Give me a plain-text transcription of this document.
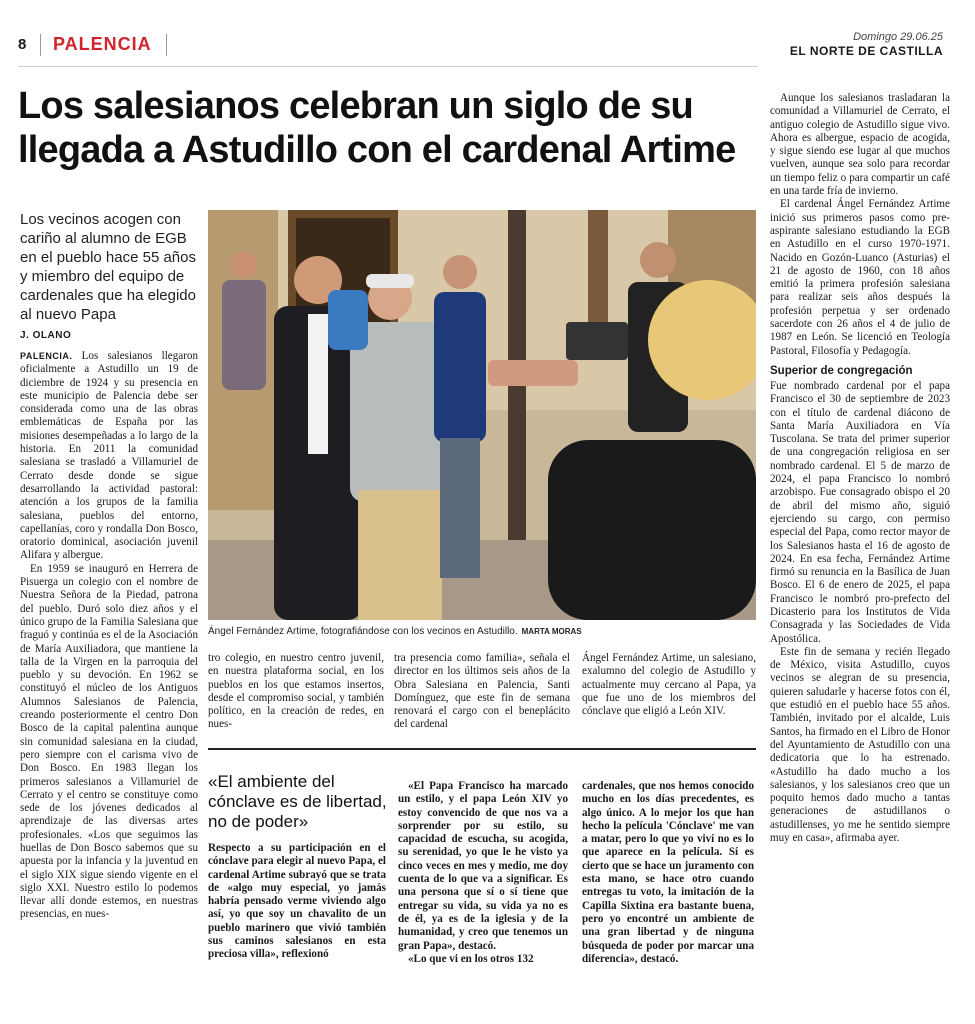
8 PALENCIA	Domingo 29.06.25
EL NORTE DE CASTILLA
Los salesianos celebran un siglo de su llegada a Astudillo con el cardenal Artime
Los vecinos acogen con cariño al alumno de EGB en el pueblo hace 55 años y miembro del equipo de cardenales que ha elegido al nuevo Papa
J. OLANO

PALENCIA. Los salesianos llegaron oficialmente a Astudillo un 19 de diciembre de 1924 y su presencia en este municipio de Palencia debe ser considerada como una de las obras emblemáticas de España por las misiones desempeñadas a lo largo de la historia. En 2011 la comunidad salesiana se trasladó a Villamuriel de Cerrato desde donde se sigue desarrollando la actividad pastoral: atención a los grupos de la familia salesiana, pueblos del entorno, capellanías, coro y rondalla Don Bosco, oratorio dominical, asociación juvenil Alifara y albergue.

En 1959 se inauguró en Herrera de Pisuerga un colegio con el nombre de Nuestra Señora de la Piedad, patrona del pueblo. Duró solo diez años y el único grupo de la Familia Salesiana que fraguó y continúa es el de la Asociación de María Auxiliadora, que mantiene la talla de la Virgen en la parroquia del pueblo y su devoción. En 1962 se constituyó el núcleo de los Antiguos Alumnos Salesianos de Palencia, creando posteriormente el centro Don Bosco de la capital palentina aunque sin comunidad salesiana en la ciudad, pero siempre con el carisma vivo de Don Bosco. En 1983 llegan los primeros salesianos a Villamuriel de Cerrato y el centro se constituye como sede de los jóvenes dedicados al aprendizaje de las diversas artes profesionales. «Los que seguimos las huellas de Don Bosco sabemos que su apuesta por la infancia y la juventud en el siglo XIX sigue siendo vigente en el siglo XXI. Nuestro estilo lo podemos llevar allí donde estemos, en nuestras presencias, en nues-

Ángel Fernández Artime, fotografiándose con los vecinos en Astudillo. MARTA MORAS

tro colegio, en nuestro centro juvenil, en nuestra plataforma social, en los pueblos en los que estamos insertos, desde el compromiso social, y también político, en la creación de redes, en nues-

tra presencia como familia», señala el director en los últimos seis años de la Obra Salesiana en Palencia, Santi Domínguez, que este fin de semana renovará el cargo con el beneplácito del cardenal

Ángel Fernández Artime, un salesiano, exalumno del colegio de Astudillo y actualmente muy cercano al Papa, ya que fue uno de los miembros del cónclave que eligió a León XIV.

Aunque los salesianos trasladaran la comunidad a Villamuriel de Cerrato, el antiguo colegio de Astudillo sigue vivo. Ahora es albergue, espacio de acogida, y sigue siendo ese lugar al que muchos vuelven, aunque sea solo para recordar un tiempo feliz o para compartir un café en una tarde fría de invierno.

El cardenal Ángel Fernández Artime inició sus primeros pasos como pre-aspirante salesiano estudiando la EGB en Astudillo en el curso 1970-1971. Nacido en Gozón-Luanco (Asturias) el 21 de agosto de 1960, con 18 años emitió la primera profesión salesiana para realizar seis años después la profesión perpetua y ser ordenado sacerdote con 26 años el 4 de julio de 1987 en León. Se licenció en Teología Pastoral, Filosofía y Pedagogía.

Superior de congregación

Fue nombrado cardenal por el papa Francisco el 30 de septiembre de 2023 con el título de cardenal diácono de Santa María Auxiliadora en Vía Tuscolana. Se trata del primer superior de una congregación religiosa en ser nombrado cardenal. El 5 de marzo de 2024, el papa Francisco lo nombró arzobispo. Fue consagrado obispo el 20 de abril del mismo año, siguió ejerciendo su cargo, con permiso especial del Papa, como rector mayor de los Salesianos hasta el 16 de agosto de 2024. En esa fecha, Fernández Artime firmó su renuncia en la Basílica de Juan Bosco. El 6 de enero de 2025, el papa Francisco le nombró pro-prefecto del Dicasterio para los Institutos de Vida Consagrada y las Sociedades de Vida Apostólica.

Este fin de semana y recién llegado de México, visita Astudillo, cuyos vecinos se alegran de su presencia, quieren saludarle y hacerse fotos con él, que estudió en el pueblo hace 55 años. También, invitado por el alcalde, Luis Santos, ha firmado en el Libro de Honor del Ayuntamiento de Astudillo con una dedicatoria que lo ha estrenado. «Astudillo ha dado mucho a los salesianos, y los salesianos creo que un poquito hemos dado mucho a tantas generaciones de astudillanos o astudillenses, yo me he sentido siempre muy en casa», afirmaba ayer.

«El ambiente del cónclave es de libertad, no de poder»

Respecto a su participación en el cónclave para elegir al nuevo Papa, el cardenal Artime subrayó que se trata de «algo muy especial, yo jamás habría pensado verme viviendo algo así, yo que soy un chavalito de un pueblo marinero que vivió también sus caminos salesianos en esta preciosa villa», reflexionó

«El Papa Francisco ha marcado un estilo, y el papa León XIV yo estoy convencido de que nos va a sorprender por su estilo, su capacidad de escucha, su acogida, su serenidad, yo que le he visto ya cinco veces en mes y medio, me doy cuenta de lo que va a significar. Es una persona que sí o sí tiene que entregar su vida, su vida ya no es de él, ya es de la iglesia y de la humanidad, y creo que tenemos un gran Papa», destacó.

«Lo que vi en los otros 132

cardenales, que nos hemos conocido mucho en los días precedentes, es algo único. A lo mejor los que han hecho la película 'Cónclave' me van a matar, pero lo que yo viví no es lo que aparece en la película. Sí es cierto que se hace un juramento con esta mano, se hace otro cuando entregas tu voto, la imitación de la Capilla Sixtina era bastante buena, pero yo encontré un ambiente de una gran libertad y de ninguna búsqueda de poder por marcar una diferencia», destacó.
